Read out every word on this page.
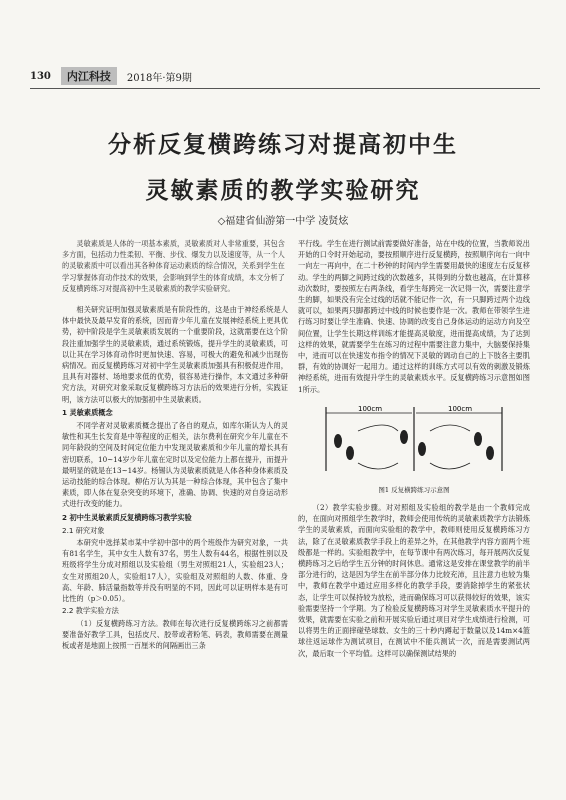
130	内江科技	2018年·第9期
分析反复横跨练习对提高初中生
灵敏素质的教学实验研究
◇福建省仙游第一中学 凌贤炫
灵敏素质是人体的一项基本素质，灵敏素质对人非常重要，其包含多方面，包括动力性柔韧、平衡、步伐、爆发力以及速度等，从一个人的灵敏素质中可以看出其各种体育运动素质的综合情况，关系到学生在学习掌握体育动作技术的效果，会影响到学生的体育成绩，本文分析了反复横跨练习对提高初中生灵敏素质的教学实验研究。

相关研究证明加强灵敏素质是有阶段性的，这是由于神经系统是人体中最快及最早发育的系统，因而青少年儿童在发展神经系统上更具优势，初中阶段是学生灵敏素质发展的一个重要阶段，这就需要在这个阶段注重加强学生的灵敏素质，通过系统锻炼，提升学生的灵敏素质，可以让其在学习体育动作时更加快速、容易，可极大的避免和减少出现伤病情况。而反复横跨练习对初中学生灵敏素质加强具有积极促进作用，且具有对器材、场地要求低的优势，很容易进行操作，本文通过多种研究方法，对研究对象采取反复横跨练习方法后的效果进行分析，实践证明，该方法可以极大的加强初中生灵敏素质。

1 灵敏素质概念

不同学者对灵敏素质概念提出了各自的观点，如库尔斯认为人的灵敏性和其生长发育是中等程度的正相关，法尔费利在研究少年儿童在不同年龄段的空间及时间定位能力中发现灵敏素质和少年儿童的增长具有密切联系，10~14岁少年儿童在定时以及定位能力上都在提升，而提升最明显的就是在13~14岁。杨锡认为灵敏素质就是人体各种身体素质及运动技能的综合体现。柳佑万认为其是一种综合体现，其中包含了集中素质，即人体在复杂突变的环境下，准确、协调、快速的对自身运动形式进行改变的能力。

2 初中生灵敏素质反复横跨练习教学实验
2.1 研究对象

本研究中选择某市某中学初中部中的两个班级作为研究对象，一共有81名学生，其中女生人数有37名，男生人数有44名，根据性别以及班级将学生分成对照组以及实验组（男生对照组21人，实验组23人；女生对照组20人，实验组17人），实验组及对照组的人数、体重、身高、年龄、肺活量指数等并没有明显的不同，因此可以证明样本是有可比性的（p＞0.05）。

2.2 教学实验方法

（1）反复横跨练习方法。教师在每次进行反复横跨练习之前都需要准备好教学工具，包括皮尺、胶带或者粉笔、码表，教师需要在测量板或者是地面上按照一百厘米的间隔画出三条

平行线。学生在进行测试前需要做好准备，站在中线的位置，当教师说出开始的口令时开始起动，要按照顺序进行反复横跨，按照顺序向右一向中一向左一再向中，在二十秒钟的时间内学生需要用最快的速度左右反复移动。学生的两脚之间跨过线的次数越多，其得到的分数也越高，在计算移动次数时，要按照左右两条线，看学生每跨完一次记得一次，需要注意学生的脚，如果没有完全过线的话就不能记作一次，有一只脚跨过两个边线就可以，如果两只脚都跨过中线的时候也要作是一次。教师在带领学生进行练习时要让学生准确、快速、协调的改变自己身体运动的运动方向及空间位置，让学生长期这样训练才能提高灵敏度，进而提高成绩，为了达到这样的效果，就需要学生在练习的过程中需要注意力集中，大脑要保持集中，进而可以在快速发布指令的情况下灵敏的调动自己的上下肢各主要肌群，有效的协调好一起用力。通过这样的训练方式可以有效的刺激及锻炼神经系统，进而有效提升学生的灵敏素质水平。反复横跨练习示意图如图1所示。

100cm	100cm
图1 反复横跨练习示意图

（2）教学实验步骤。对对照组及实验组的教学是由一个教师完成的，在面向对照组学生教学时，教师会使用传统的灵敏素质教学方法锻炼学生的灵敏素质，而面向实验组的教学中，教师则使用反复横跨练习方法，除了在灵敏素质教学手段上的差异之外，在其他教学内容方面两个班级都是一样的。实验组教学中，在每节课中有两次练习，每开展两次反复横跨练习之后给学生五分钟的时间休息。通常这是安排在课堂教学的前半部分进行的，这是因为学生在前半部分体力比较充沛，且注意力也较为集中，教师在教学中通过应用多样化的教学手段，要消除掉学生的紧张状态，让学生可以保持较为放松，进而确保练习可以获得较好的效果，该实验需要坚持一个学期。为了检验反复横跨练习对学生灵敏素质水平提升的效果，就需要在实验之前和开展实验后通过项目对学生成绩进行检测，可以将男生的正面摔碰垫球数、女生的三十秒内蹲起于数量以及14m×4篮球往返运球作为测试项目，在测试中不能兵测试一次，而是需要测试两次，最后取一个平均值。这样可以确保测试结果的
